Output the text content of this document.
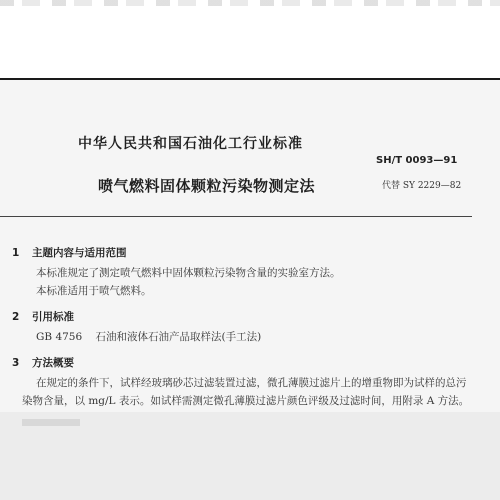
中华人民共和国石油化工行业标准
SH/T 0093—91
喷气燃料固体颗粒污染物测定法	代替 SY 2229—82
1 主题内容与适用范围
本标准规定了测定喷气燃料中固体颗粒污染物含量的实验室方法。
本标准适用于喷气燃料。
2 引用标准
GB 4756    石油和液体石油产品取样法(手工法)
3 方法概要
在规定的条件下，试样经玻璃砂芯过滤装置过滤，微孔薄膜过滤片上的增重物即为试样的总污
染物含量，以 mg/L 表示。如试样需测定微孔薄膜过滤片颜色评级及过滤时间，用附录 A 方法。
